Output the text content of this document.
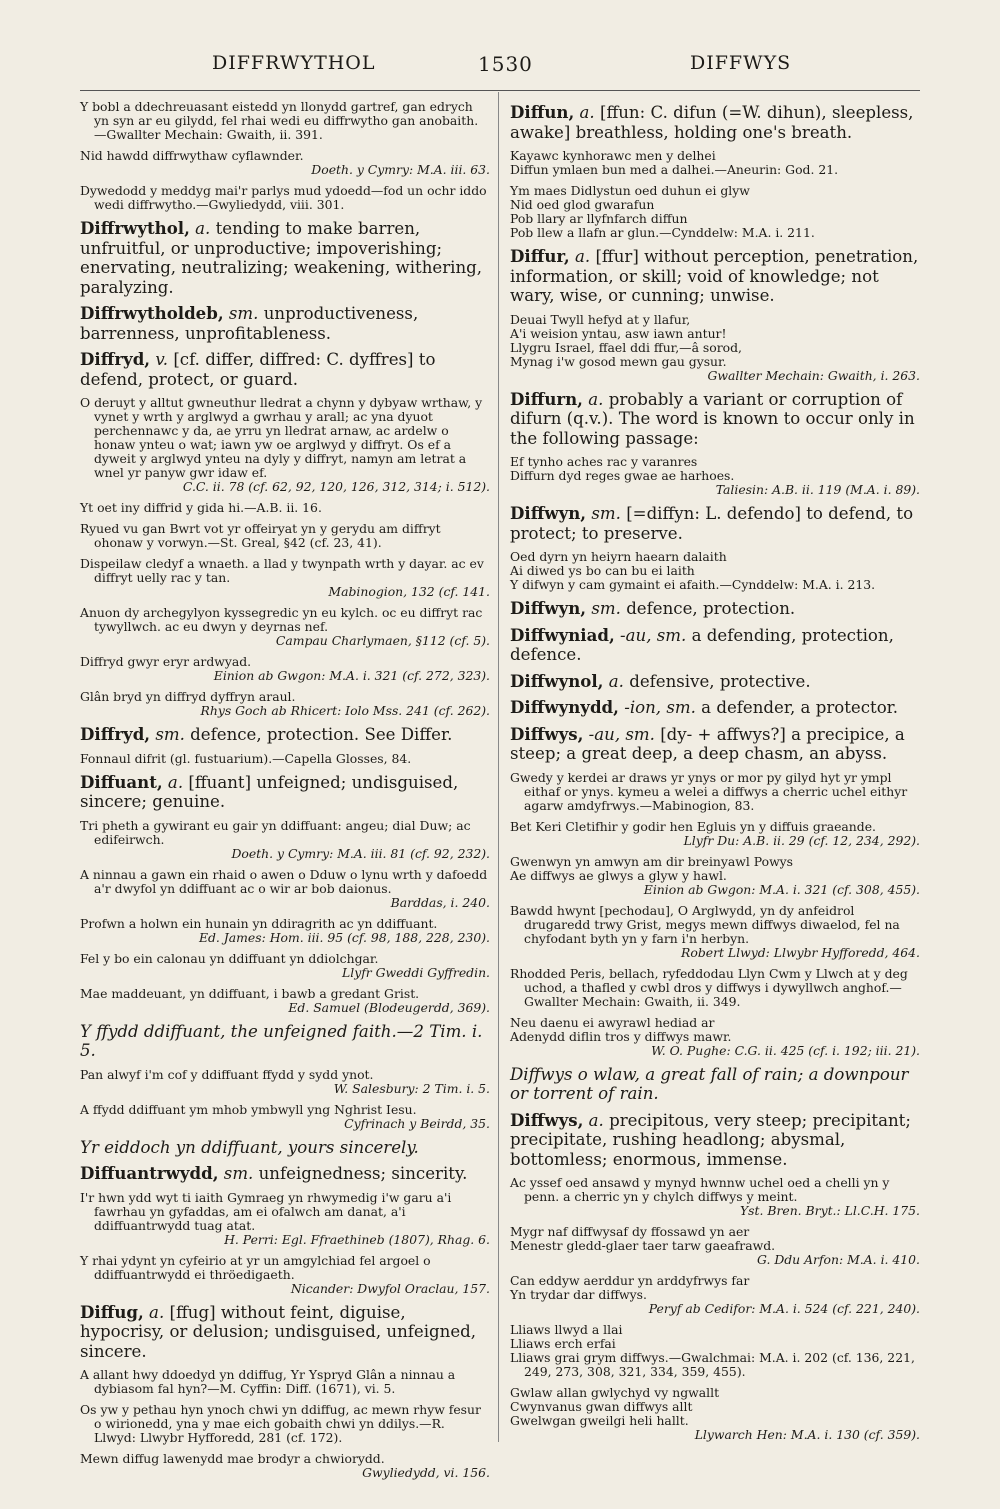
DIFFRWYTHOL	1530	DIFFWYS
Y bobl a ddechreuasant eistedd yn llonydd gartref, gan edrych yn syn ar eu gilydd, fel rhai wedi eu diffrwytho gan anobaith.—Gwallter Mechain: Gwaith, ii. 391.
Nid hawdd diffrwythaw cyflawnder.
Doeth. y Cymry: M.A. iii. 63.
Dywedodd y meddyg mai'r parlys mud ydoedd—fod un ochr iddo wedi diffrwytho.—Gwyliedydd, viii. 301.

Diffrwythol, a. tending to make barren, unfruitful, or unproductive; impoverishing; enervating, neutralizing; weakening, withering, paralyzing.

Diffrwytholdeb, sm. unproductiveness, barrenness, unprofitableness.

Diffryd, v. [cf. differ, diffred: C. dyffres] to defend, protect, or guard.

O deruyt y alltut gwneuthur lledrat a chynn y dybyaw wrthaw, y vynet y wrth y arglwyd a gwrhau y arall; ac yna dyuot perchennawc y da, ae yrru yn lledrat arnaw, ac ardelw o honaw ynteu o wat; iawn yw oe arglwyd y diffryt. Os ef a dyweit y arglwyd ynteu na dyly y diffryt, namyn am letrat a wnel yr panyw gwr idaw ef.
C.C. ii. 78 (cf. 62, 92, 120, 126, 312, 314; i. 512).
Yt oet iny diffrid y gida hi.—A.B. ii. 16.
Ryued vu gan Bwrt vot yr offeiryat yn y gerydu am diffryt ohonaw y vorwyn.—St. Greal, §42 (cf. 23, 41).
Dispeilaw cledyf a wnaeth. a llad y twynpath wrth y dayar. ac ev diffryt uelly rac y tan.
Mabinogion, 132 (cf. 141.
Anuon dy archegylyon kyssegredic yn eu kylch. oc eu diffryt rac tywyllwch. ac eu dwyn y deyrnas nef.
Campau Charlymaen, §112 (cf. 5).
Diffryd gwyr eryr ardwyad.
Einion ab Gwgon: M.A. i. 321 (cf. 272, 323).
Glân bryd yn diffryd dyffryn araul.
Rhys Goch ab Rhicert: Iolo Mss. 241 (cf. 262).

Diffryd, sm. defence, protection. See Differ.

Fonnaul difrit (gl. fustuarium).—Capella Glosses, 84.

Diffuant, a. [ffuant] unfeigned; undisguised, sincere; genuine.

Tri pheth a gywirant eu gair yn ddiffuant: angeu; dial Duw; ac edifeirwch.
Doeth. y Cymry: M.A. iii. 81 (cf. 92, 232).
A ninnau a gawn ein rhaid o awen o Dduw o lynu wrth y dafoedd a'r dwyfol yn ddiffuant ac o wir ar bob daionus.
Barddas, i. 240.
Profwn a holwn ein hunain yn ddiragrith ac yn ddiffuant.
Ed. James: Hom. iii. 95 (cf. 98, 188, 228, 230).
Fel y bo ein calonau yn ddiffuant yn ddiolchgar.
Llyfr Gweddi Gyffredin.
Mae maddeuant, yn ddiffuant, i bawb a gredant Grist.
Ed. Samuel (Blodeugerdd, 369).

Y ffydd ddiffuant, the unfeigned faith.—2 Tim. i. 5.

Pan alwyf i'm cof y ddiffuant ffydd y sydd ynot.
W. Salesbury: 2 Tim. i. 5.
A ffydd ddiffuant ym mhob ymbwyll yng Nghrist Iesu.
Cyfrinach y Beirdd, 35.

Yr eiddoch yn ddiffuant, yours sincerely.

Diffuantrwydd, sm. unfeignedness; sincerity.

I'r hwn ydd wyt ti iaith Gymraeg yn rhwymedig i'w garu a'i fawrhau yn gyfaddas, am ei ofalwch am danat, a'i ddiffuantrwydd tuag atat.
H. Perri: Egl. Ffraethineb (1807), Rhag. 6.
Y rhai ydynt yn cyfeirio at yr un amgylchiad fel argoel o ddiffuantrwydd ei thröedigaeth.
Nicander: Dwyfol Oraclau, 157.

Diffug, a. [ffug] without feint, diguise, hypocrisy, or delusion; undisguised, unfeigned, sincere.

A allant hwy ddoedyd yn ddiffug, Yr Yspryd Glân a ninnau a dybiasom fal hyn?—M. Cyffin: Diff. (1671), vi. 5.
Os yw y pethau hyn ynoch chwi yn ddiffug, ac mewn rhyw fesur o wirionedd, yna y mae eich gobaith chwi yn ddilys.—R. Llwyd: Llwybr Hyfforedd, 281 (cf. 172).
Mewn diffug lawenydd mae brodyr a chwiorydd.
Gwyliedydd, vi. 156.

Diffun, a. [ffun: C. difun (=W. dihun), sleepless, awake] breathless, holding one's breath.

Kayawc kynhorawc men y delhei
Diffun ymlaen bun med a dalhei.—Aneurin: God. 21.
Ym maes Didlystun oed duhun ei glyw
Nid oed glod gwarafun
Pob llary ar llyfnfarch diffun
Pob llew a llafn ar glun.—Cynddelw: M.A. i. 211.

Diffur, a. [ffur] without perception, penetration, information, or skill; void of knowledge; not wary, wise, or cunning; unwise.

Deuai Twyll hefyd at y llafur,
A'i weision yntau, asw iawn antur!
Llygru Israel, ffael ddi ffur,—â sorod,
Mynag i'w gosod mewn gau gysur.
Gwallter Mechain: Gwaith, i. 263.

Diffurn, a. probably a variant or corruption of difurn (q.v.). The word is known to occur only in the following passage:

Ef tynho aches rac y varanres
Diffurn dyd reges gwae ae harhoes.
Taliesin: A.B. ii. 119 (M.A. i. 89).

Diffwyn, sm. [=diffyn: L. defendo] to defend, to protect; to preserve.

Oed dyrn yn heiyrn haearn dalaith
Ai diwed ys bo can bu ei laith
Y difwyn y cam gymaint ei afaith.—Cynddelw: M.A. i. 213.

Diffwyn, sm. defence, protection.

Diffwyniad, -au, sm. a defending, protection, defence.

Diffwynol, a. defensive, protective.

Diffwynydd, -ion, sm. a defender, a protector.

Diffwys, -au, sm. [dy- + affwys?] a precipice, a steep; a great deep, a deep chasm, an abyss.

Gwedy y kerdei ar draws yr ynys or mor py gilyd hyt yr ympl eithaf or ynys. kymeu a welei a diffwys a cherric uchel eithyr agarw amdyfrwys.—Mabinogion, 83.
Bet Keri Cletifhir y godir hen Egluis yn y diffuis graeande.
Llyfr Du: A.B. ii. 29 (cf. 12, 234, 292).
Gwenwyn yn amwyn am dir breinyawl Powys
Ae diffwys ae glwys a glyw y hawl.
Einion ab Gwgon: M.A. i. 321 (cf. 308, 455).
Bawdd hwynt [pechodau], O Arglwydd, yn dy anfeidrol drugaredd trwy Grist, megys mewn diffwys diwaelod, fel na chyfodant byth yn y farn i'n herbyn.
Robert Llwyd: Llwybr Hyfforedd, 464.
Rhodded Peris, bellach, ryfeddodau Llyn Cwm y Llwch at y deg uchod, a thafled y cwbl dros y diffwys i dywyllwch anghof.—Gwallter Mechain: Gwaith, ii. 349.
Neu daenu ei awyrawl hediad ar
Adenydd diflin tros y diffwys mawr.
W. O. Pughe: C.G. ii. 425 (cf. i. 192; iii. 21).

Diffwys o wlaw, a great fall of rain; a downpour or torrent of rain.

Diffwys, a. precipitous, very steep; precipitant; precipitate, rushing headlong; abysmal, bottomless; enormous, immense.

Ac yssef oed ansawd y mynyd hwnnw uchel oed a chelli yn y penn. a cherric yn y chylch diffwys y meint.
Yst. Bren. Bryt.: Ll.C.H. 175.
Mygr naf diffwysaf dy ffossawd yn aer
Menestr gledd-glaer taer tarw gaeafrawd.
G. Ddu Arfon: M.A. i. 410.
Can eddyw aerddur yn arddyfrwys far
Yn trydar dar diffwys.
Peryf ab Cedifor: M.A. i. 524 (cf. 221, 240).
Lliaws llwyd a llai
Lliaws erch erfai
Lliaws grai grym diffwys.—Gwalchmai: M.A. i. 202 (cf. 136, 221, 249, 273, 308, 321, 334, 359, 455).
Gwlaw allan gwlychyd vy ngwallt
Cwynvanus gwan diffwys allt
Gwelwgan gweilgi heli hallt.
Llywarch Hen: M.A. i. 130 (cf. 359).
